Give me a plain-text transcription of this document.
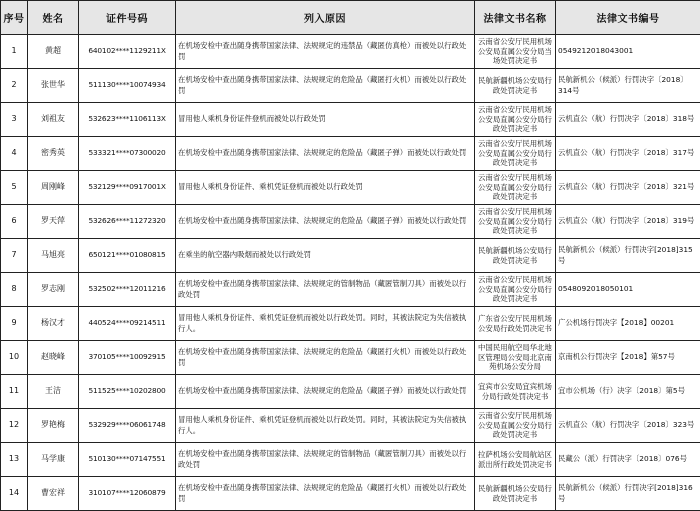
序号	姓名	证件号码	列入原因	法律文书名称	法律文书编号
1	黄超	640102****1129211X	在机场安检中查出随身携带国家法律、法规规定的违禁品（藏匿仿真枪）而被处以行政处罚	云南省公安厅民用机场公安局直属公安分局当场处罚决定书	0549212018043001
2	张世华	511130****10074934	在机场安检中查出随身携带国家法律、法规规定的危险品（藏匿打火机）而被处以行政处罚	民航新疆机场公安局行政处罚决定书	民航新机公（候派）行罚决字〔2018〕314号
3	刘祖友	532623****1106113X	冒用他人乘机身份证件登机而被处以行政处罚	云南省公安厅民用机场公安局直属公安分局行政处罚决定书	云机直公（航）行罚决字〔2018〕318号
4	密秀英	533321****07300020	在机场安检中查出随身携带国家法律、法规规定的危险品（藏匿子弹）而被处以行政处罚	云南省公安厅民用机场公安局直属公安分局行政处罚决定书	云机直公（航）行罚决字〔2018〕317号
5	周刚峰	532129****0917001X	冒用他人乘机身份证件、乘机凭证登机而被处以行政处罚	云南省公安厅民用机场公安局直属公安分局行政处罚决定书	云机直公（航）行罚决字〔2018〕321号
6	罗天萍	532626****11272320	在机场安检中查出随身携带国家法律、法规规定的危险品（藏匿子弹）而被处以行政处罚	云南省公安厅民用机场公安局直属公安分局行政处罚决定书	云机直公（航）行罚决字〔2018〕319号
7	马旭亮	650121****01080815	在乘坐的航空器内吸烟而被处以行政处罚	民航新疆机场公安局行政处罚决定书	民航新机公（候派）行罚决字[2018]315号
8	罗志刚	532502****12011216	在机场安检中查出随身携带国家法律、法规规定的管制物品（藏匿管制刀具）而被处以行政处罚	云南省公安厅民用机场公安局直属公安分局行政处罚决定书	0548092018050101
9	杨汉才	440524****09214511	冒用他人乘机身份证件、乘机凭证登机而被处以行政处罚。同时，其被法院定为失信被执行人。	广东省公安厅民用机场公安局行政处罚决定书	广公机场行罚决字【2018】00201
10	赵晓峰	370105****10092915	在机场安检中查出随身携带国家法律、法规规定的危险品（藏匿打火机）而被处以行政处罚	中国民用航空局华北地区管理局公安局北京南苑机场公安分局	京南机公行罚决字【2018】第57号
11	王洁	511525****10202800	在机场安检中查出随身携带国家法律、法规规定的危险品（藏匿子弹）而被处以行政处罚	宜宾市公安局宜宾机场分局行政处罚决定书	宜市公机场（行）决字〔2018〕第5号
12	罗艳梅	532929****06061748	冒用他人乘机身份证件、乘机凭证登机而被处以行政处罚。同时，其被法院定为失信被执行人。	云南省公安厅民用机场公安局直属公安分局行政处罚决定书	云机直公（航）行罚决字〔2018〕323号
13	马学康	510130****07147551	在机场安检中查出随身携带国家法律、法规规定的管制物品（藏匿管制刀具）而被处以行政处罚	拉萨机场公安局航站区派出所行政处罚决定书	民藏公（派）行罚决字〔2018〕076号
14	曹宏祥	310107****12060879	在机场安检中查出随身携带国家法律、法规规定的危险品（藏匿打火机）而被处以行政处罚	民航新疆机场公安局行政处罚决定书	民航新机公（候派）行罚决字[2018]316号
